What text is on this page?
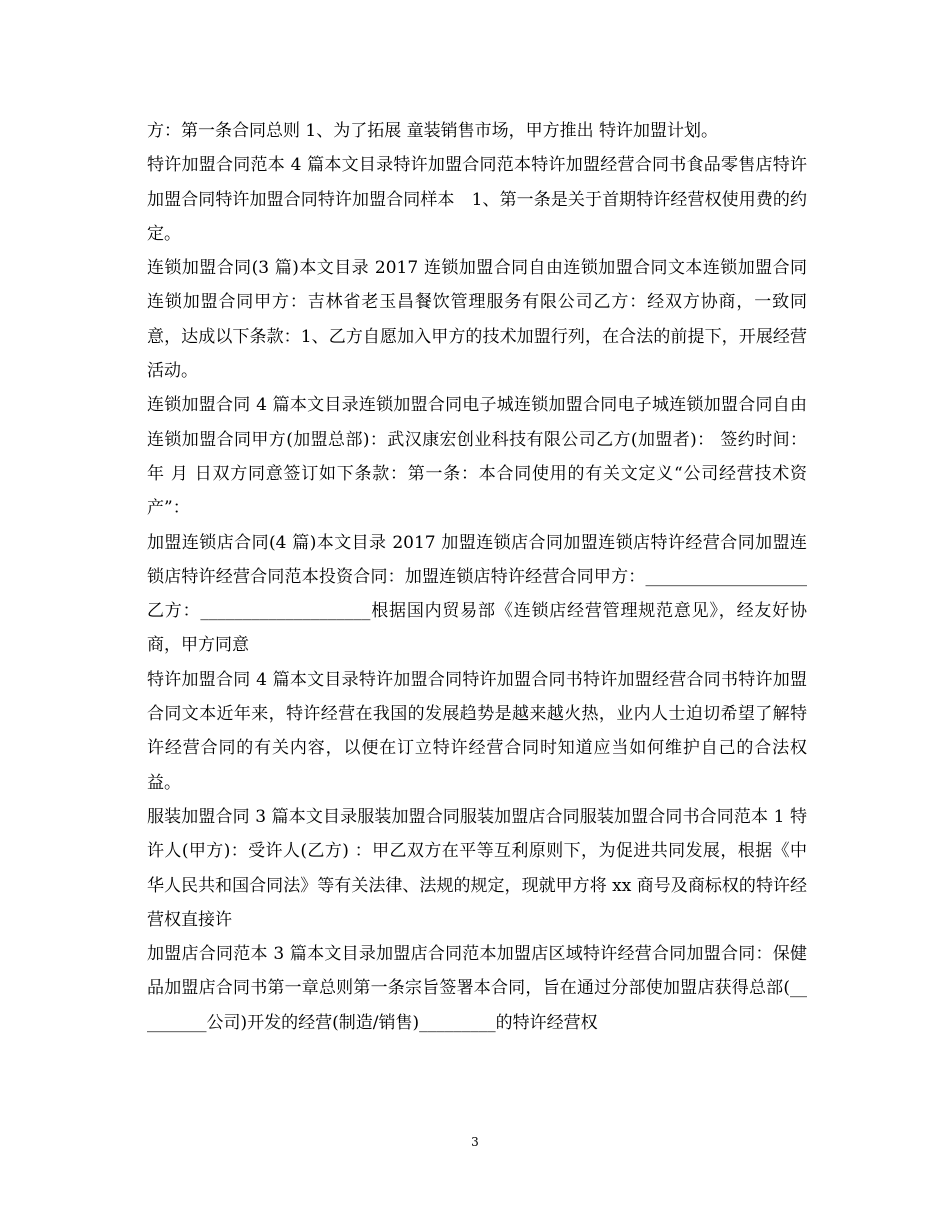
方：第一条合同总则 1、为了拓展 童装销售市场，甲方推出 特许加盟计划。

特许加盟合同范本 4 篇本文目录特许加盟合同范本特许加盟经营合同书食品零售店特许加盟合同特许加盟合同特许加盟合同样本　1、第一条是关于首期特许经营权使用费的约定。

连锁加盟合同(3 篇)本文目录 2017 连锁加盟合同自由连锁加盟合同文本连锁加盟合同连锁加盟合同甲方：吉林省老玉昌餐饮管理服务有限公司乙方：经双方协商，一致同意，达成以下条款：1、乙方自愿加入甲方的技术加盟行列，在合法的前提下，开展经营活动。

连锁加盟合同 4 篇本文目录连锁加盟合同电子城连锁加盟合同电子城连锁加盟合同自由连锁加盟合同甲方(加盟总部)：武汉康宏创业科技有限公司乙方(加盟者)： 签约时间： 年 月 日双方同意签订如下条款：第一条：本合同使用的有关文定义“公司经营技术资产”：

加盟连锁店合同(4 篇)本文目录 2017 加盟连锁店合同加盟连锁店特许经营合同加盟连锁店特许经营合同范本投资合同：加盟连锁店特许经营合同甲方：___________________乙方：____________________根据国内贸易部《连锁店经营管理规范意见》，经友好协商，甲方同意

特许加盟合同 4 篇本文目录特许加盟合同特许加盟合同书特许加盟经营合同书特许加盟合同文本近年来，特许经营在我国的发展趋势是越来越火热，业内人士迫切希望了解特许经营合同的有关内容，以便在订立特许经营合同时知道应当如何维护自己的合法权益。

服装加盟合同 3 篇本文目录服装加盟合同服装加盟店合同服装加盟合同书合同范本 1 特许人(甲方)：受许人(乙方) ：甲乙双方在平等互利原则下，为促进共同发展，根据《中华人民共和国合同法》等有关法律、法规的规定，现就甲方将 xx 商号及商标权的特许经营权直接许

加盟店合同范本 3 篇本文目录加盟店合同范本加盟店区域特许经营合同加盟合同：保健品加盟店合同书第一章总则第一条宗旨签署本合同，旨在通过分部使加盟店获得总部(_________公司)开发的经营(制造/销售)_________的特许经营权

3
